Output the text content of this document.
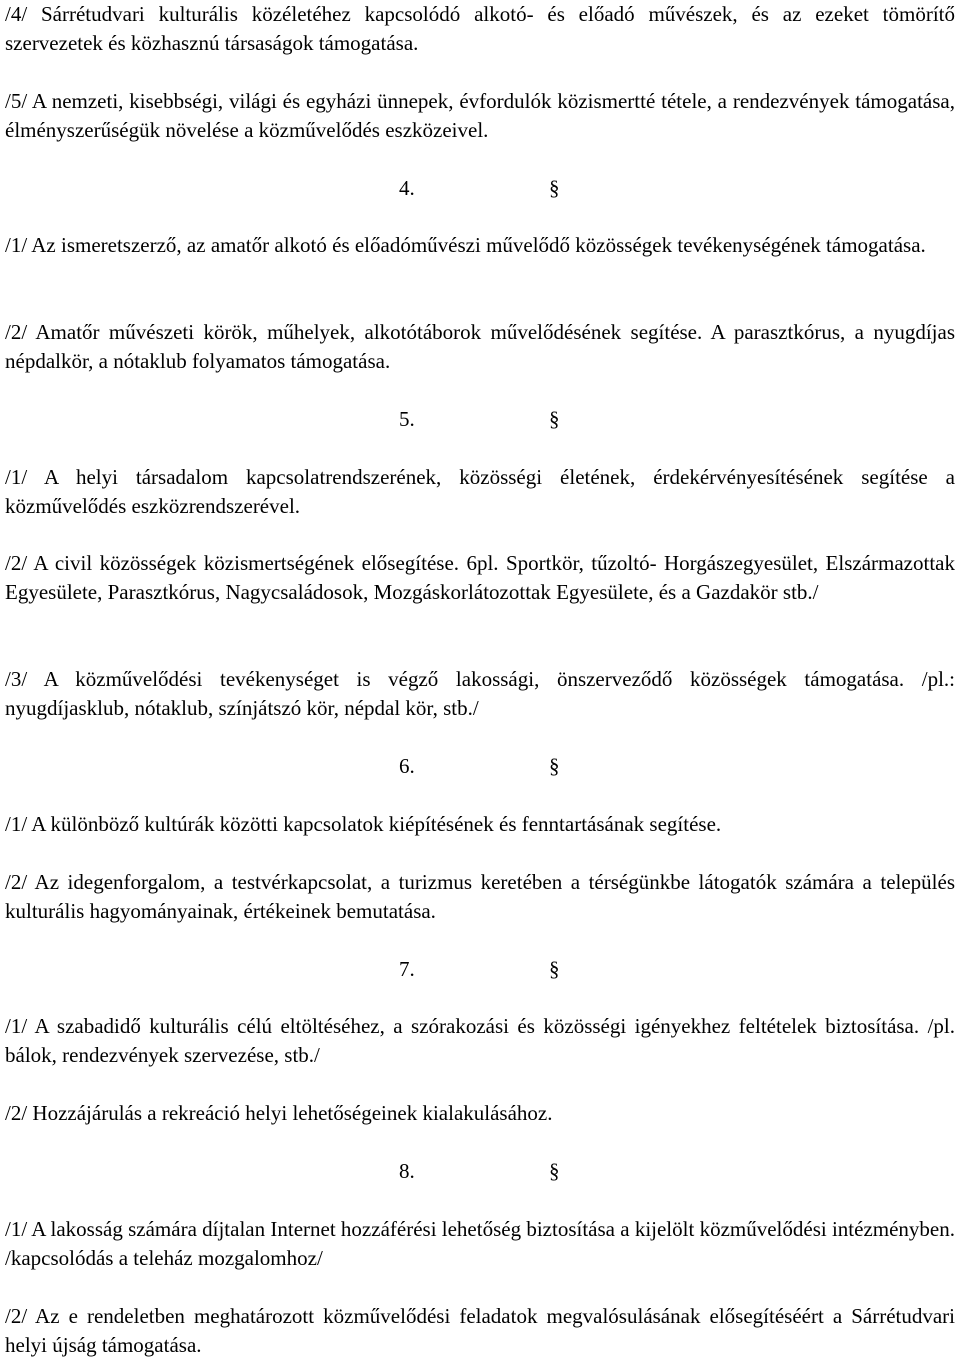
/4/ Sárrétudvari kulturális közéletéhez kapcsolódó alkotó- és előadó művészek, és az ezeket tömörítő szervezetek és közhasznú társaságok támogatása.

/5/ A nemzeti, kisebbségi, világi és egyházi ünnepek, évfordulók közismertté tétele, a rendezvények támogatása, élményszerűségük növelése a közművelődés eszközeivel.

4.	§

/1/ Az ismeretszerző, az amatőr alkotó és előadóművészi művelődő közösségek tevékenységének támogatása.

/2/ Amatőr művészeti körök, műhelyek, alkotótáborok művelődésének segítése. A parasztkórus, a nyugdíjas népdalkör, a nótaklub folyamatos támogatása.

5.	§

/1/ A helyi társadalom kapcsolatrendszerének, közösségi életének, érdekérvényesítésének segítése a közművelődés eszközrendszerével.

/2/ A civil közösségek közismertségének elősegítése. 6pl. Sportkör, tűzoltó- Horgászegyesület, Elszármazottak Egyesülete, Parasztkórus, Nagycsaládosok, Mozgáskorlátozottak Egyesülete, és a Gazdakör stb./

/3/ A közművelődési tevékenységet is végző lakossági, önszerveződő közösségek támogatása. /pl.: nyugdíjasklub, nótaklub, színjátszó kör, népdal kör, stb./

6.	§

/1/ A különböző kultúrák közötti kapcsolatok kiépítésének és fenntartásának segítése.

/2/ Az idegenforgalom, a testvérkapcsolat, a turizmus keretében a térségünkbe látogatók számára a település kulturális hagyományainak, értékeinek bemutatása.

7.	§

/1/ A szabadidő kulturális célú eltöltéséhez, a szórakozási és közösségi igényekhez feltételek biztosítása. /pl. bálok, rendezvények szervezése, stb./

/2/ Hozzájárulás a rekreáció helyi lehetőségeinek kialakulásához.

8.	§

/1/ A lakosság számára díjtalan Internet hozzáférési lehetőség biztosítása a kijelölt közművelődési intézményben. /kapcsolódás a teleház mozgalomhoz/

/2/ Az e rendeletben meghatározott közművelődési feladatok megvalósulásának elősegítéséért a Sárrétudvari helyi újság támogatása.
